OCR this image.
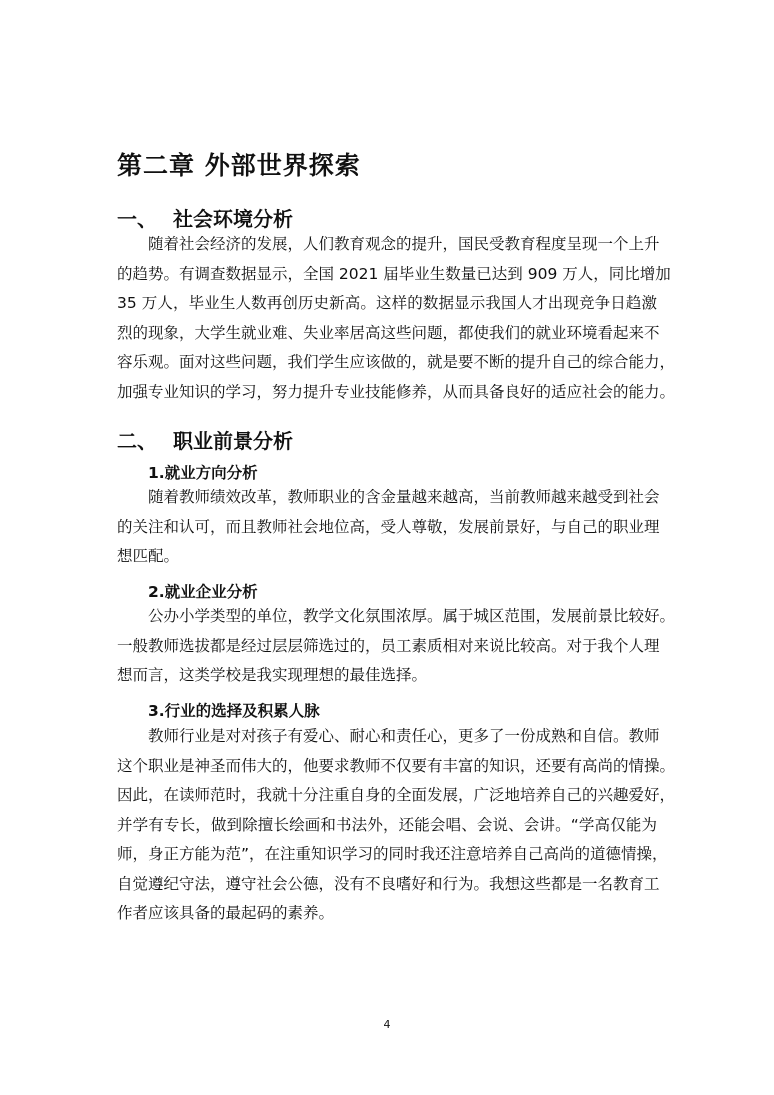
第二章 外部世界探索
一、 社会环境分析
随着社会经济的发展，人们教育观念的提升，国民受教育程度呈现一个上升
的趋势。有调查数据显示，全国 2021 届毕业生数量已达到 909 万人，同比增加
35 万人，毕业生人数再创历史新高。这样的数据显示我国人才出现竞争日趋激
烈的现象，大学生就业难、失业率居高这些问题，都使我们的就业环境看起来不
容乐观。面对这些问题，我们学生应该做的，就是要不断的提升自己的综合能力，
加强专业知识的学习，努力提升专业技能修养，从而具备良好的适应社会的能力。
二、 职业前景分析
1.就业方向分析
随着教师绩效改革，教师职业的含金量越来越高，当前教师越来越受到社会
的关注和认可，而且教师社会地位高，受人尊敬，发展前景好，与自己的职业理
想匹配。
2.就业企业分析
公办小学类型的单位，教学文化氛围浓厚。属于城区范围，发展前景比较好。
一般教师选拔都是经过层层筛选过的，员工素质相对来说比较高。对于我个人理
想而言，这类学校是我实现理想的最佳选择。
3.行业的选择及积累人脉
教师行业是对对孩子有爱心、耐心和责任心，更多了一份成熟和自信。教师
这个职业是神圣而伟大的，他要求教师不仅要有丰富的知识，还要有高尚的情操。
因此，在读师范时，我就十分注重自身的全面发展，广泛地培养自己的兴趣爱好，
并学有专长，做到除擅长绘画和书法外，还能会唱、会说、会讲。“学高仅能为
师，身正方能为范”，在注重知识学习的同时我还注意培养自己高尚的道德情操，
自觉遵纪守法，遵守社会公德，没有不良嗜好和行为。我想这些都是一名教育工
作者应该具备的最起码的素养。

4
